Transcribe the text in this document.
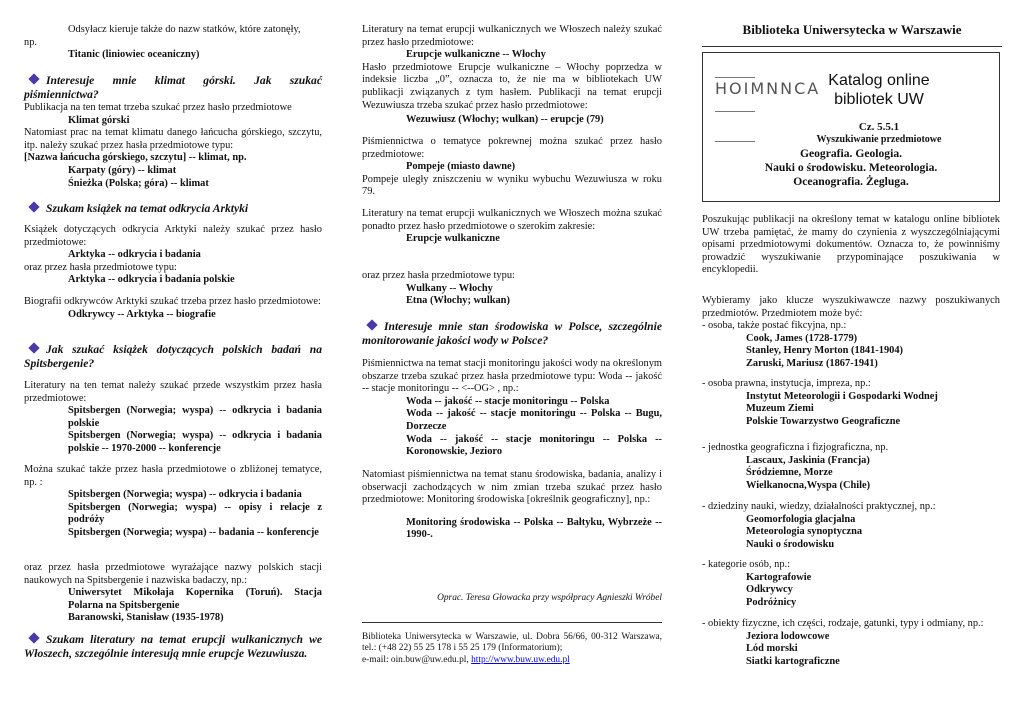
Odsyłacz kieruje także do nazw statków, które zatonęły,

np.

Titanic (liniowiec oceaniczny)

Interesuje mnie klimat górski. Jak szukać piśmiennictwa?

Publikacja na ten temat trzeba szukać przez hasło przedmiotowe

Klimat górski

Natomiast prac na temat klimatu danego łańcucha górskiego, szczytu, itp. należy szukać przez hasła przedmiotowe typu:

[Nazwa łańcucha górskiego, szczytu] -- klimat, np.

Karpaty (góry) -- klimat

Śnieżka (Polska; góra) -- klimat

Szukam książek na temat odkrycia Arktyki

Książek dotyczących odkrycia Arktyki należy szukać przez hasło przedmiotowe:

Arktyka -- odkrycia i badania

oraz przez hasła przedmiotowe typu:

Arktyka -- odkrycia i badania polskie

Biografii odkrywców Arktyki szukać trzeba przez hasło przedmiotowe:

Odkrywcy -- Arktyka -- biografie

Jak szukać książek dotyczących polskich badań na Spitsbergenie?

Literatury na ten temat należy szukać przede wszystkim przez hasła przedmiotowe:

Spitsbergen (Norwegia; wyspa) -- odkrycia i badania polskie

Spitsbergen (Norwegia; wyspa) -- odkrycia i badania polskie -- 1970-2000 -- konferencje

Można szukać także przez hasła przedmiotowe o zbliżonej tematyce, np. :

Spitsbergen (Norwegia; wyspa) -- odkrycia i badania

Spitsbergen (Norwegia; wyspa) -- opisy i relacje z podróży

Spitsbergen (Norwegia; wyspa) -- badania -- konferencje

oraz przez hasła przedmiotowe wyrażające nazwy polskich stacji naukowych na Spitsbergenie i nazwiska badaczy, np.:

Uniwersytet Mikołaja Kopernika (Toruń). Stacja Polarna na Spitsbergenie

Baranowski, Stanisław (1935-1978)

Szukam literatury na temat erupcji wulkanicznych we Włoszech, szczególnie interesują mnie erupcje Wezuwiusza.

Literatury na temat erupcji wulkanicznych we Włoszech należy szukać przez hasło przedmiotowe:

Erupcje wulkaniczne -- Włochy

Hasło przedmiotowe Erupcje wulkaniczne – Włochy poprzedza w indeksie liczba „0”, oznacza to, że nie ma w bibliotekach UW publikacji związanych z tym hasłem. Publikacji na temat erupcji Wezuwiusza trzeba szukać przez hasło przedmiotowe:

Wezuwiusz (Włochy; wulkan) -- erupcje (79)

Piśmiennictwa o tematyce pokrewnej można szukać przez hasło przedmiotowe:

Pompeje (miasto dawne)

Pompeje uległy zniszczeniu w wyniku wybuchu Wezuwiusza w roku 79.

Literatury na temat erupcji wulkanicznych we Włoszech można szukać ponadto przez hasło przedmiotowe o szerokim zakresie:

Erupcje wulkaniczne

oraz przez hasła przedmiotowe typu:

Wulkany -- Włochy

Etna (Włochy; wulkan)

Interesuje mnie stan środowiska w Polsce, szczególnie monitorowanie jakości wody w Polsce?

Piśmiennictwa na temat stacji monitoringu jakości wody na określonym obszarze trzeba szukać przez hasła przedmiotowe typu: Woda -- jakość -- stacje monitoringu -- <--OG> , np.:

Woda -- jakość -- stacje monitoringu -- Polska

Woda -- jakość -- stacje monitoringu -- Polska -- Bugu, Dorzecze

Woda -- jakość -- stacje monitoringu -- Polska -- Koronowskie, Jezioro

Natomiast piśmiennictwa na temat stanu środowiska, badania, analizy i obserwacji zachodzących w nim zmian trzeba szukać przez hasło przedmiotowe: Monitoring środowiska [określnik geograficzny], np.:

Monitoring środowiska -- Polska -- Bałtyku, Wybrzeże -- 1990-.

Oprac. Teresa Głowacka przy współpracy Agnieszki Wróbel

Biblioteka Uniwersytecka w Warszawie, ul. Dobra 56/66, 00-312 Warszawa, tel.: (+48 22) 55 25 178 i 55 25 179 (Informatorium);

e-mail: oin.buw@uw.edu.pl, http://www.buw.uw.edu.pl

Biblioteka Uniwersytecka w Warszawie
HOIMNNCA Katalog online
bibliotek UW
Cz. 5.5.1
Wyszukiwanie przedmiotowe
Geografia. Geologia.
Nauki o środowisku. Meteorologia.
Oceanografia. Żegluga.

Poszukując publikacji na określony temat w katalogu online bibliotek UW trzeba pamiętać, że mamy do czynienia z wyszczególniającymi opisami przedmiotowymi dokumentów. Oznacza to, że powinniśmy prowadzić wyszukiwanie przypominające poszukiwania w encyklopedii.

Wybieramy jako klucze wyszukiwawcze nazwy poszukiwanych przedmiotów. Przedmiotem może być:

- osoba, także postać fikcyjna, np.:

Cook, James (1728-1779)

Stanley, Henry Morton (1841-1904)

Zaruski, Mariusz (1867-1941)

- osoba prawna, instytucja, impreza, np.:

Instytut Meteorologii i Gospodarki Wodnej

Muzeum Ziemi

Polskie Towarzystwo Geograficzne

- jednostka geograficzna i fizjograficzna, np.

Lascaux, Jaskinia (Francja)

Śródziemne, Morze

Wielkanocna,Wyspa (Chile)

- dziedziny nauki, wiedzy, działalności praktycznej, np.:

Geomorfologia glacjalna

Meteorologia synoptyczna

Nauki o środowisku

- kategorie osób, np.:

Kartografowie

Odkrywcy

Podróżnicy

- obiekty fizyczne, ich części, rodzaje, gatunki, typy i odmiany, np.:

Jeziora lodowcowe

Lód morski

Siatki kartograficzne
